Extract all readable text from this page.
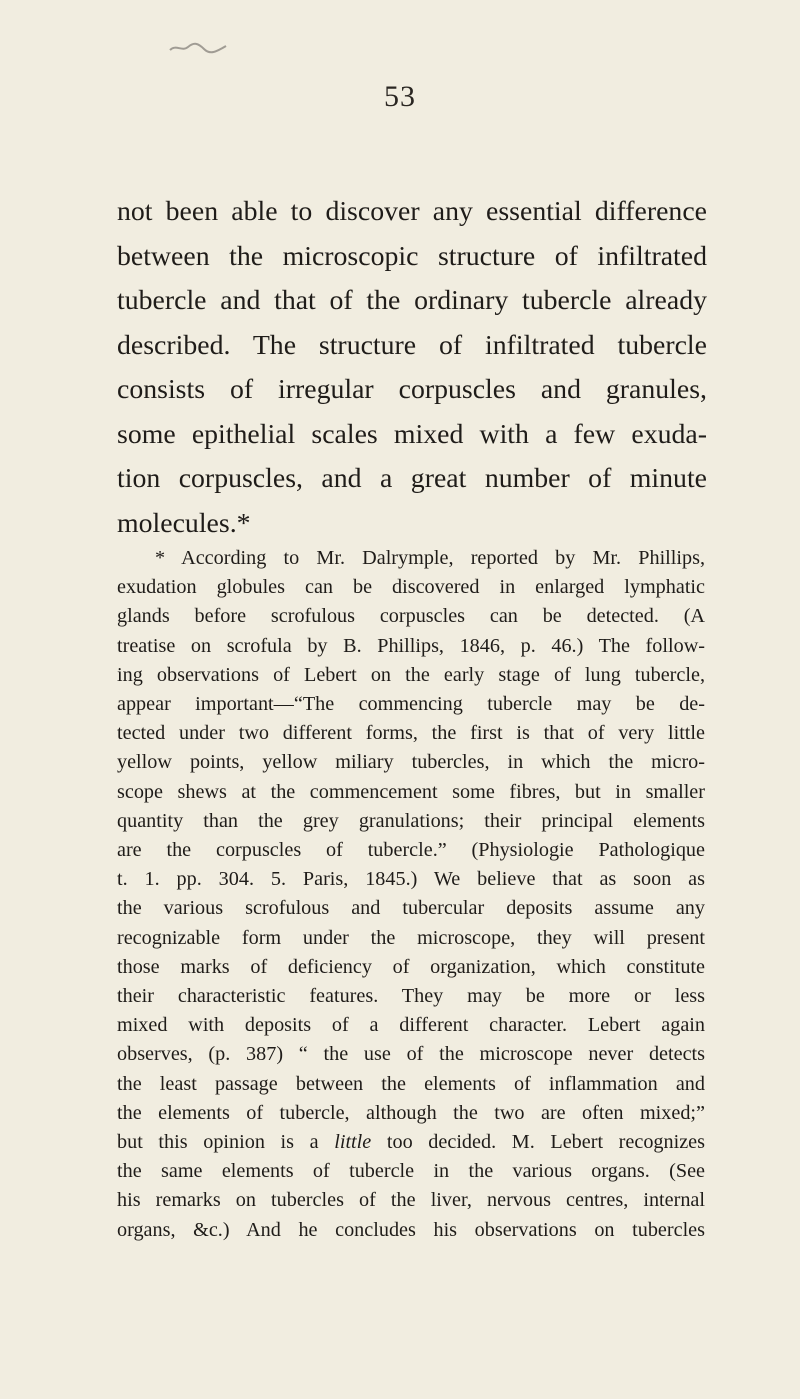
53

not been able to discover any essential difference
between the microscopic structure of infiltrated
tubercle and that of the ordinary tubercle already
described. The structure of infiltrated tubercle
consists of irregular corpuscles and granules,
some epithelial scales mixed with a few exuda-
tion corpuscles, and a great number of minute
molecules.*

* According to Mr. Dalrymple, reported by Mr. Phillips,
exudation globules can be discovered in enlarged lymphatic
glands before scrofulous corpuscles can be detected. (A
treatise on scrofula by B. Phillips, 1846, p. 46.) The follow-
ing observations of Lebert on the early stage of lung tubercle,
appear important—“The commencing tubercle may be de-
tected under two different forms, the first is that of very little
yellow points, yellow miliary tubercles, in which the micro-
scope shews at the commencement some fibres, but in smaller
quantity than the grey granulations; their principal elements
are the corpuscles of tubercle.” (Physiologie Pathologique
t. 1. pp. 304. 5. Paris, 1845.) We believe that as soon as
the various scrofulous and tubercular deposits assume any
recognizable form under the microscope, they will present
those marks of deficiency of organization, which constitute
their characteristic features. They may be more or less
mixed with deposits of a different character. Lebert again
observes, (p. 387) “ the use of the microscope never detects
the least passage between the elements of inflammation and
the elements of tubercle, although the two are often mixed;”
but this opinion is a little too decided. M. Lebert recognizes
the same elements of tubercle in the various organs. (See
his remarks on tubercles of the liver, nervous centres, internal
organs, &c.) And he concludes his observations on tubercles
